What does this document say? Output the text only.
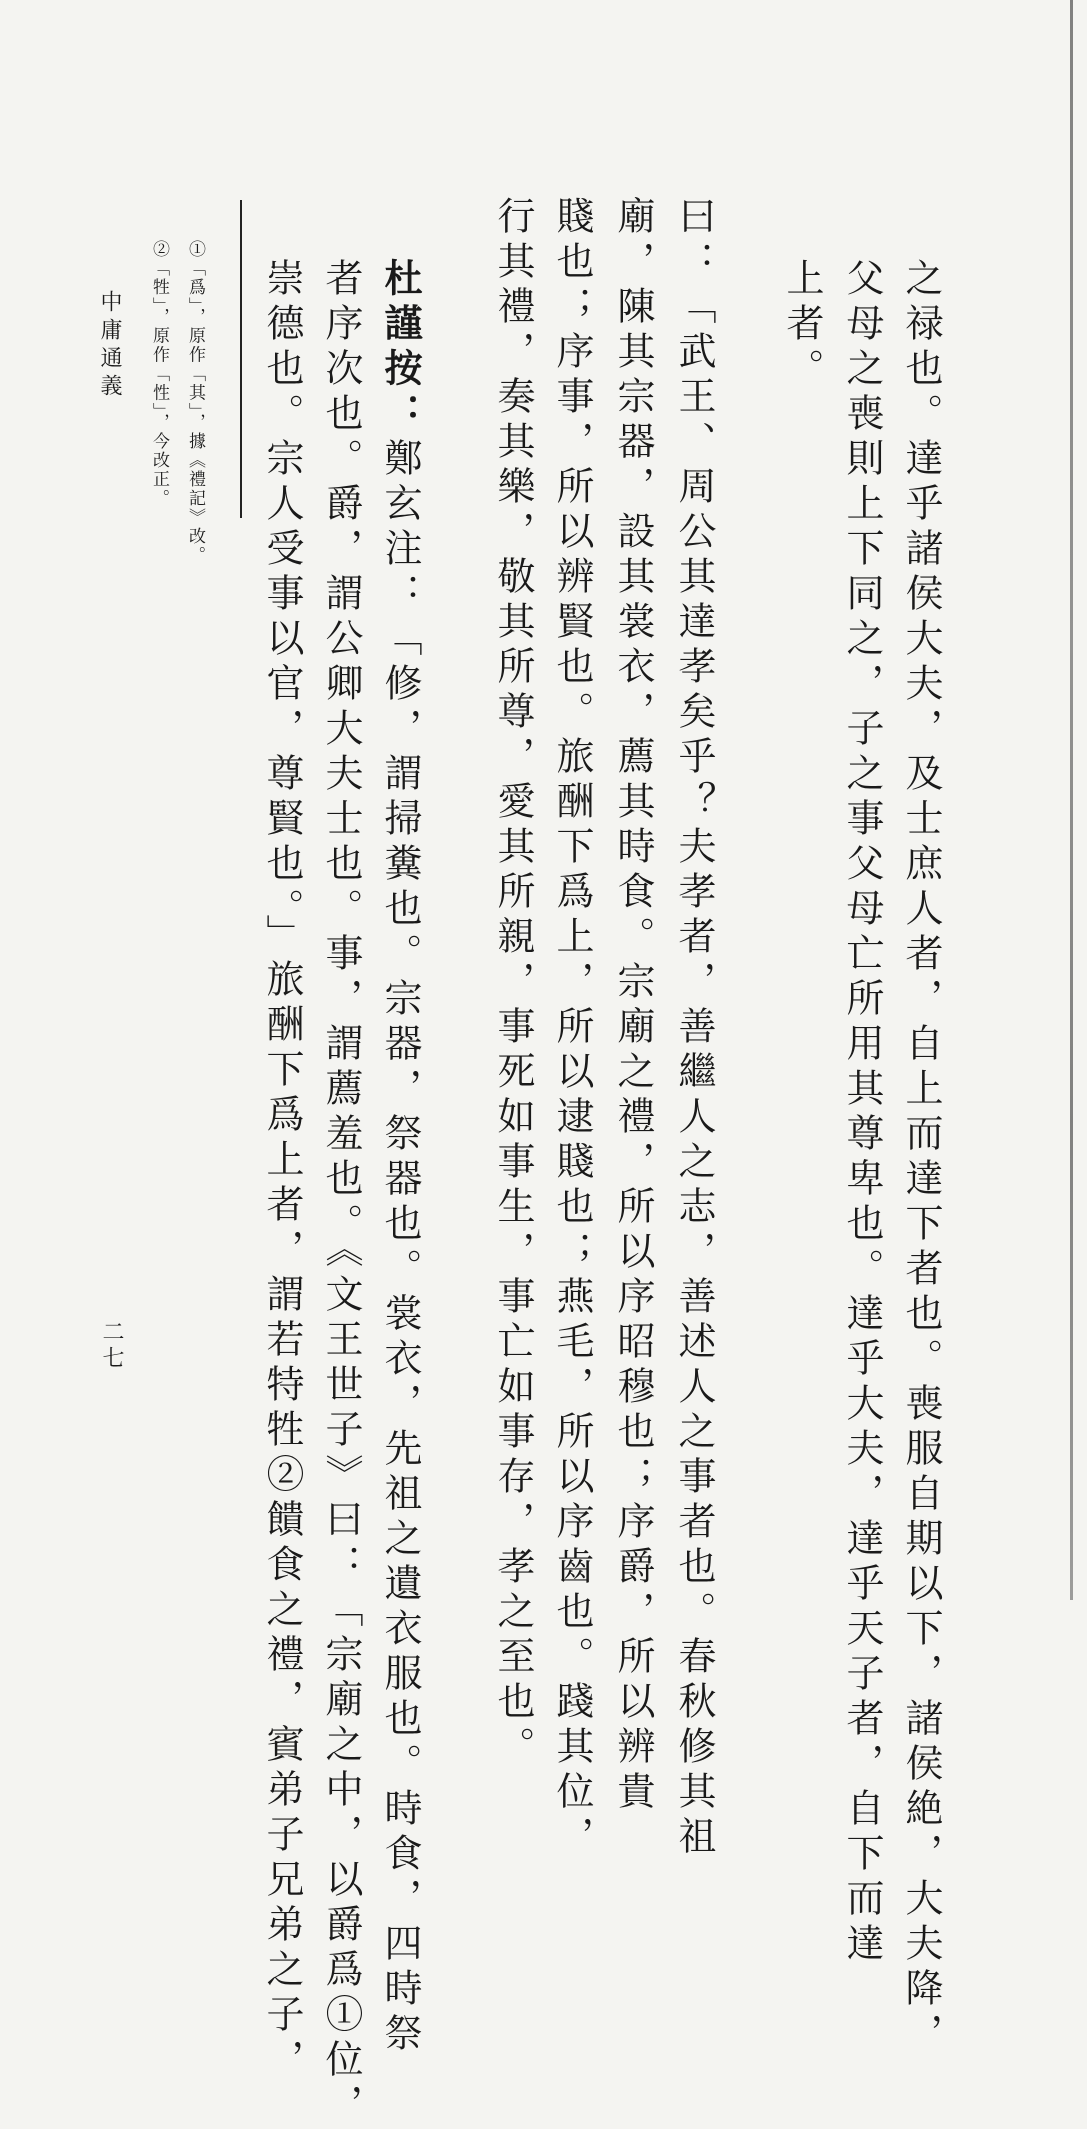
之禄也。達乎諸侯大夫，及士庶人者，自上而達下者也。喪服自期以下，諸侯絶，大夫降，
父母之喪則上下同之，子之事父母亡所用其尊卑也。達乎大夫，達乎天子者，自下而達
上者。
曰：「武王、周公其達孝矣乎？夫孝者，善繼人之志，善述人之事者也。春秋修其祖
廟，陳其宗器，設其裳衣，薦其時食。宗廟之禮，所以序昭穆也；序爵，所以辨貴
賤也；序事，所以辨賢也。旅酬下爲上，所以逮賤也；燕毛，所以序齒也。踐其位，
行其禮，奏其樂，敬其所尊，愛其所親，事死如事生，事亡如事存，孝之至也。
杜謹按：鄭玄注：「修，謂掃糞也。宗器，祭器也。裳衣，先祖之遺衣服也。時食，四時祭
者序次也。爵，謂公卿大夫士也。事，謂薦羞也。《文王世子》曰：「宗廟之中，以爵爲①位，
崇德也。宗人受事以官，尊賢也。」旅酬下爲上者，謂若特牲②饋食之禮，賓弟子兄弟之子，
①「爲」，原作「其」，據《禮記》改。
②「牲」，原作「性」，今改正。
中庸通義
二七
